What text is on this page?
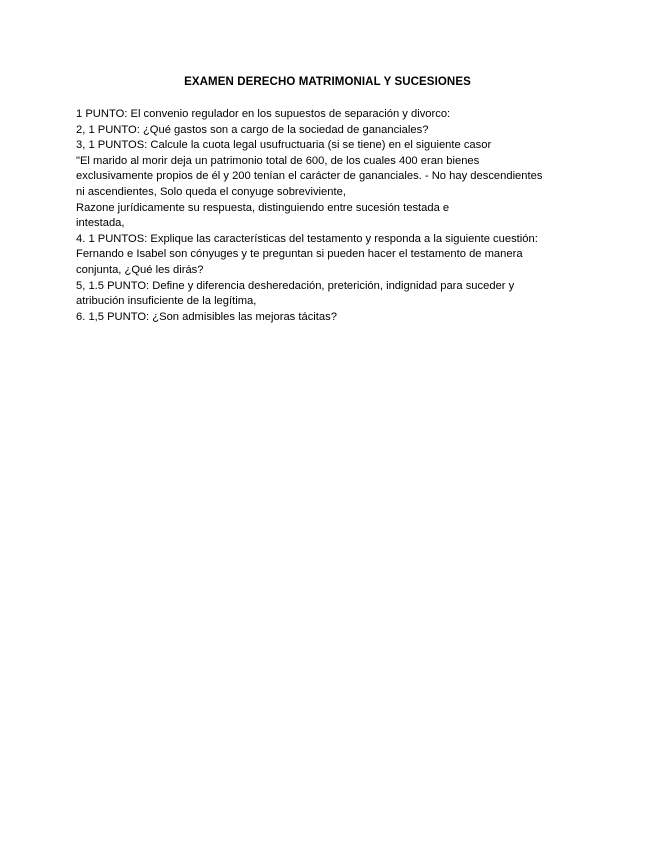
EXAMEN DERECHO MATRIMONIAL Y SUCESIONES
1 PUNTO: El convenio regulador en los supuestos de separación y divorco:
2, 1 PUNTO: ¿Qué gastos son a cargo de la sociedad de gananciales?
3, 1 PUNTOS: Calcule la cuota legal usufructuaria (si se tiene) en el siguiente casor
"El marido al morir deja un patrimonio total de 600, de los cuales 400 eran bienes
exclusivamente propios de él y 200 tenían el carácter de gananciales. - No hay descendientes
ni ascendientes, Solo queda el conyuge sobreviviente,
Razone jurídicamente su respuesta, distinguiendo entre sucesión testada e
intestada,
4. 1 PUNTOS: Explique las características del testamento y responda a la siguiente cuestión:
Fernando e Isabel son cónyuges y te preguntan si pueden hacer el testamento de manera
conjunta, ¿Qué les dirás?
5, 1.5 PUNTO: Define y diferencia desheredación, preterición, indignidad para suceder y
atribución insuficiente de la legítima,
6. 1,5 PUNTO: ¿Son admisibles las mejoras tácitas?
